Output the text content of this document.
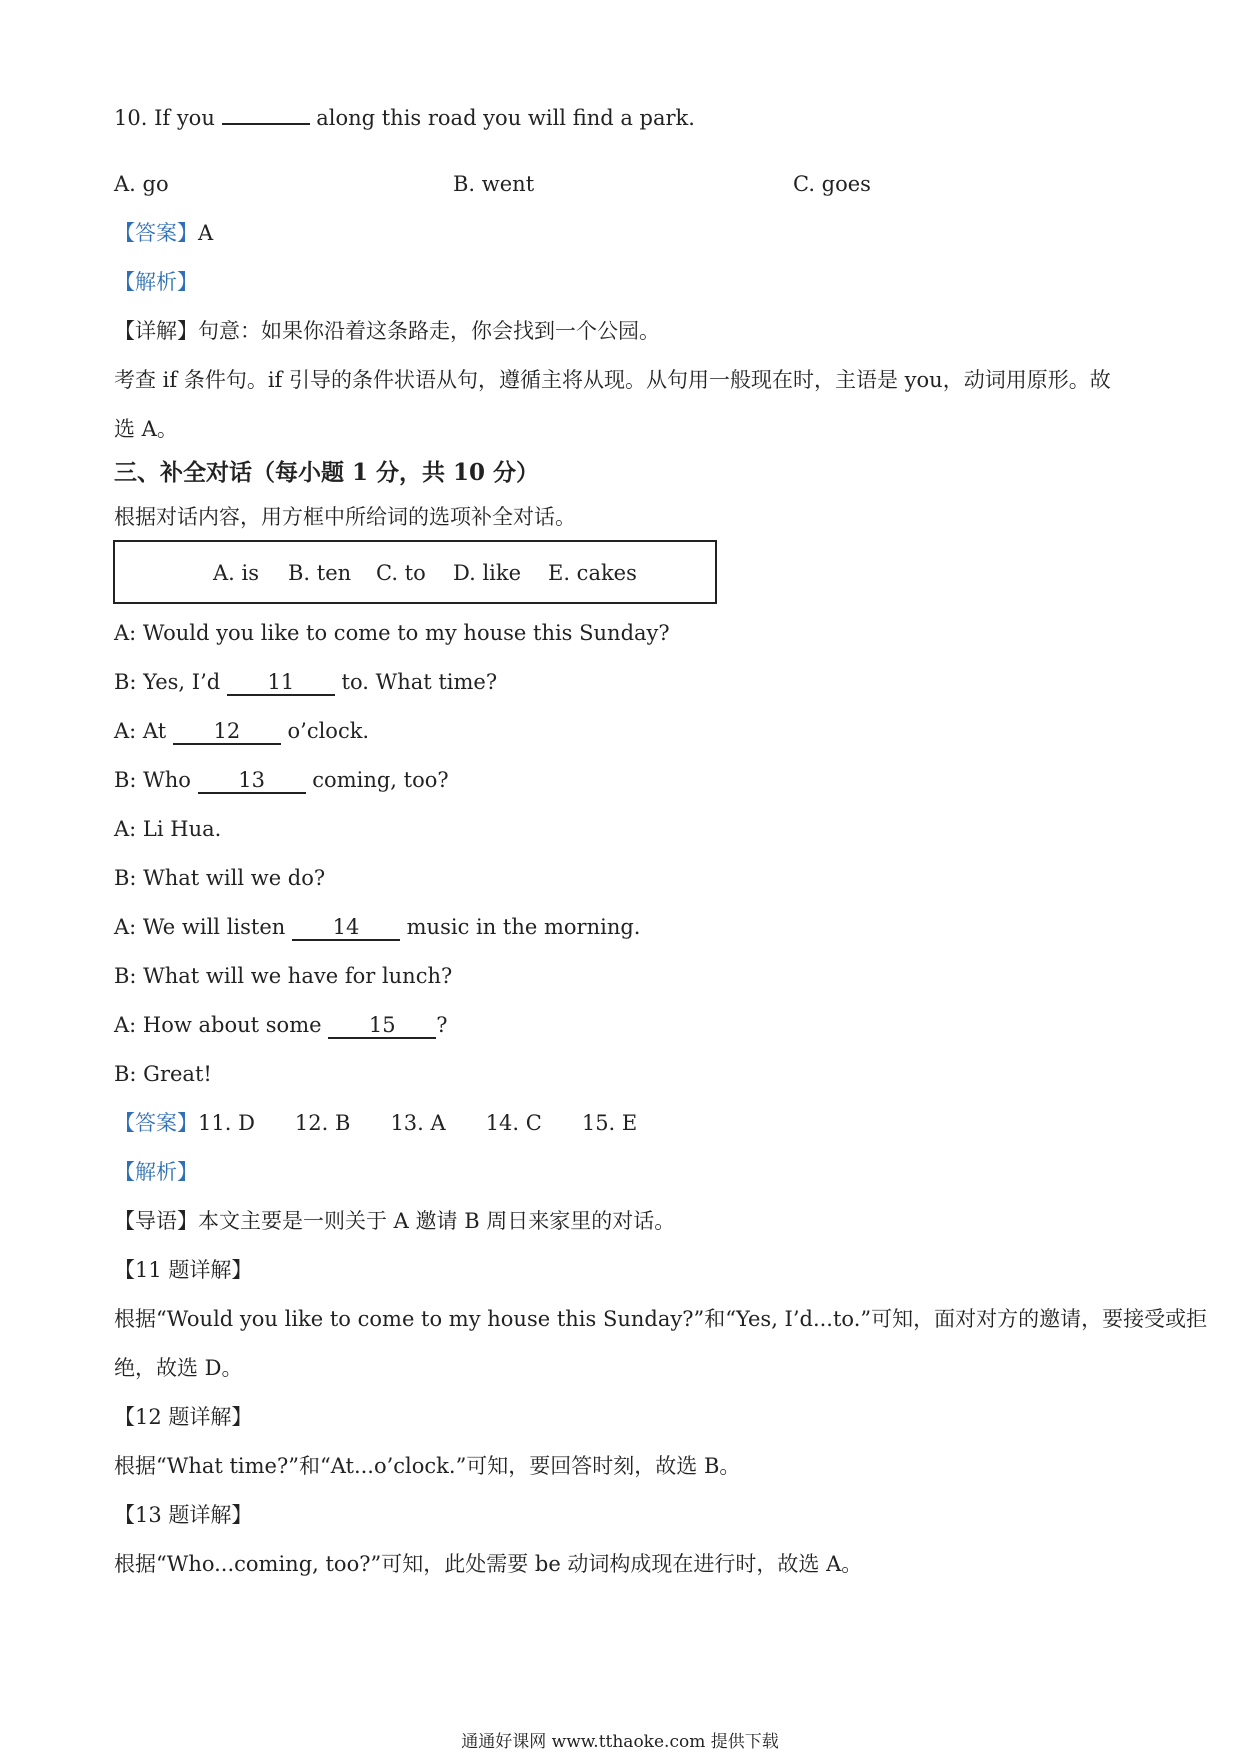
10. If you	along this road you will find a park.
A. go	B. went	C. goes
【答案】A
【解析】
【详解】句意：如果你沿着这条路走，你会找到一个公园。
考查 if 条件句。if 引导的条件状语从句，遵循主将从现。从句用一般现在时，主语是 you，动词用原形。故
选 A。
三、补全对话（每小题 1 分，共 10 分）
根据对话内容，用方框中所给词的选项补全对话。
A. is B. ten C. to D. like E. cakes
A: Would you like to come to my house this Sunday?
B: Yes, I’d 11 to. What time?
A: At 12 o’clock.
B: Who 13 coming, too?
A: Li Hua.
B: What will we do?
A: We will listen 14 music in the morning.
B: What will we have for lunch?
A: How about some 15 ?
B: Great!
【答案】11. D 12. B 13. A 14. C 15. E
【解析】
【导语】本文主要是一则关于 A 邀请 B 周日来家里的对话。
【11 题详解】
根据“Would you like to come to my house this Sunday?”和“Yes, I’d...to.”可知，面对对方的邀请，要接受或拒
绝，故选 D。
【12 题详解】
根据“What time?”和“At...o’clock.”可知，要回答时刻，故选 B。
【13 题详解】
根据“Who...coming, too?”可知，此处需要 be 动词构成现在进行时，故选 A。
通通好课网 www.tthaoke.com 提供下载
